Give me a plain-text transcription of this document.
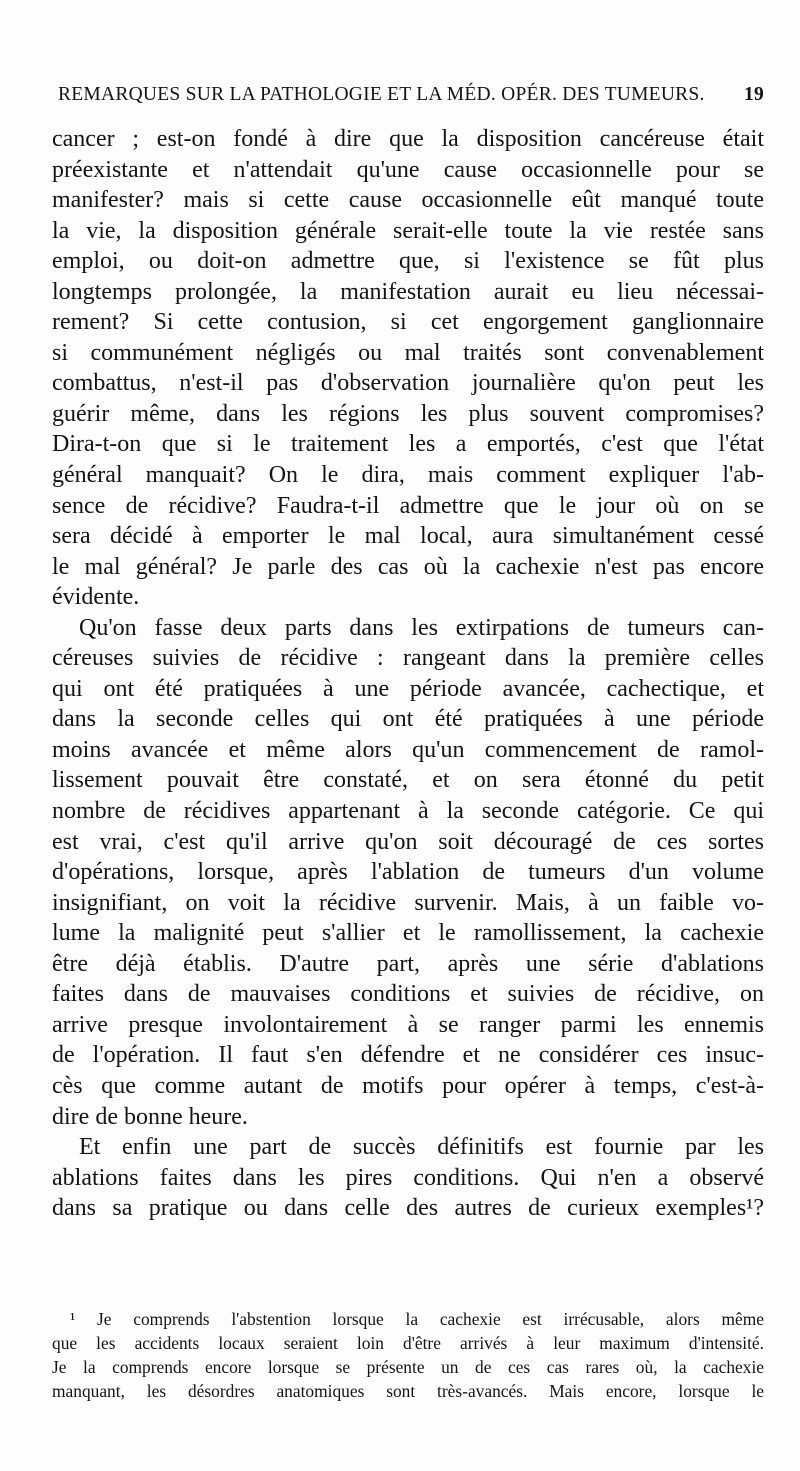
REMARQUES SUR LA PATHOLOGIE ET LA MÉD. OPÉR. DES TUMEURS. 19
cancer ; est-on fondé à dire que la disposition cancéreuse était
préexistante et n'attendait qu'une cause occasionnelle pour se
manifester? mais si cette cause occasionnelle eût manqué toute
la vie, la disposition générale serait-elle toute la vie restée sans
emploi, ou doit-on admettre que, si l'existence se fût plus
longtemps prolongée, la manifestation aurait eu lieu nécessai-
rement? Si cette contusion, si cet engorgement ganglionnaire
si communément négligés ou mal traités sont convenablement
combattus, n'est-il pas d'observation journalière qu'on peut les
guérir même, dans les régions les plus souvent compromises?
Dira-t-on que si le traitement les a emportés, c'est que l'état
général manquait? On le dira, mais comment expliquer l'ab-
sence de récidive? Faudra-t-il admettre que le jour où on se
sera décidé à emporter le mal local, aura simultanément cessé
le mal général? Je parle des cas où la cachexie n'est pas encore
évidente.
Qu'on fasse deux parts dans les extirpations de tumeurs can-
céreuses suivies de récidive : rangeant dans la première celles
qui ont été pratiquées à une période avancée, cachectique, et
dans la seconde celles qui ont été pratiquées à une période
moins avancée et même alors qu'un commencement de ramol-
lissement pouvait être constaté, et on sera étonné du petit
nombre de récidives appartenant à la seconde catégorie. Ce qui
est vrai, c'est qu'il arrive qu'on soit découragé de ces sortes
d'opérations, lorsque, après l'ablation de tumeurs d'un volume
insignifiant, on voit la récidive survenir. Mais, à un faible vo-
lume la malignité peut s'allier et le ramollissement, la cachexie
être déjà établis. D'autre part, après une série d'ablations
faites dans de mauvaises conditions et suivies de récidive, on
arrive presque involontairement à se ranger parmi les ennemis
de l'opération. Il faut s'en défendre et ne considérer ces insuc-
cès que comme autant de motifs pour opérer à temps, c'est-à-
dire de bonne heure.
Et enfin une part de succès définitifs est fournie par les
ablations faites dans les pires conditions. Qui n'en a observé
dans sa pratique ou dans celle des autres de curieux exemples¹?
¹ Je comprends l'abstention lorsque la cachexie est irrécusable, alors même
que les accidents locaux seraient loin d'être arrivés à leur maximum d'intensité.
Je la comprends encore lorsque se présente un de ces cas rares où, la cachexie
manquant, les désordres anatomiques sont très-avancés. Mais encore, lorsque le
